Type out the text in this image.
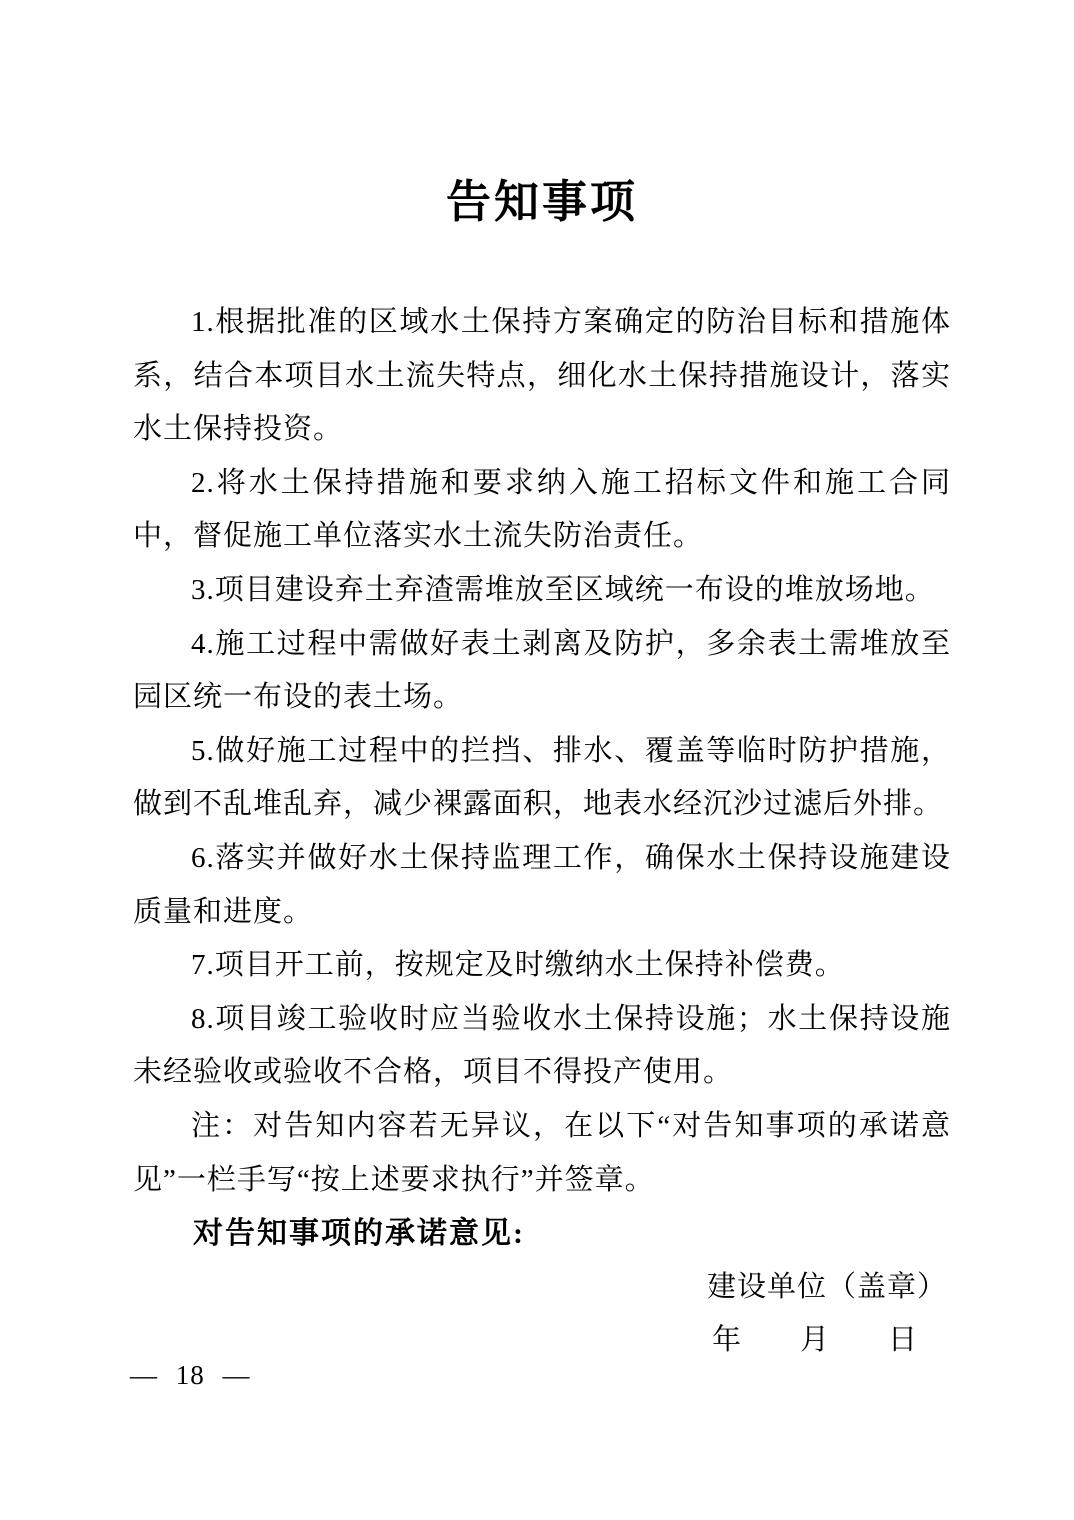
告知事项

1.根据批准的区域水土保持方案确定的防治目标和措施体系，结合本项目水土流失特点，细化水土保持措施设计，落实水土保持投资。

2.将水土保持措施和要求纳入施工招标文件和施工合同中，督促施工单位落实水土流失防治责任。

3.项目建设弃土弃渣需堆放至区域统一布设的堆放场地。

4.施工过程中需做好表土剥离及防护，多余表土需堆放至园区统一布设的表土场。

5.做好施工过程中的拦挡、排水、覆盖等临时防护措施，做到不乱堆乱弃，减少裸露面积，地表水经沉沙过滤后外排。

6.落实并做好水土保持监理工作，确保水土保持设施建设质量和进度。

7.项目开工前，按规定及时缴纳水土保持补偿费。

8.项目竣工验收时应当验收水土保持设施；水土保持设施未经验收或验收不合格，项目不得投产使用。

注：对告知内容若无异议，在以下“对告知事项的承诺意见”一栏手写“按上述要求执行”并签章。

对告知事项的承诺意见:

建设单位（盖章）
年 月 日
— 18 —
